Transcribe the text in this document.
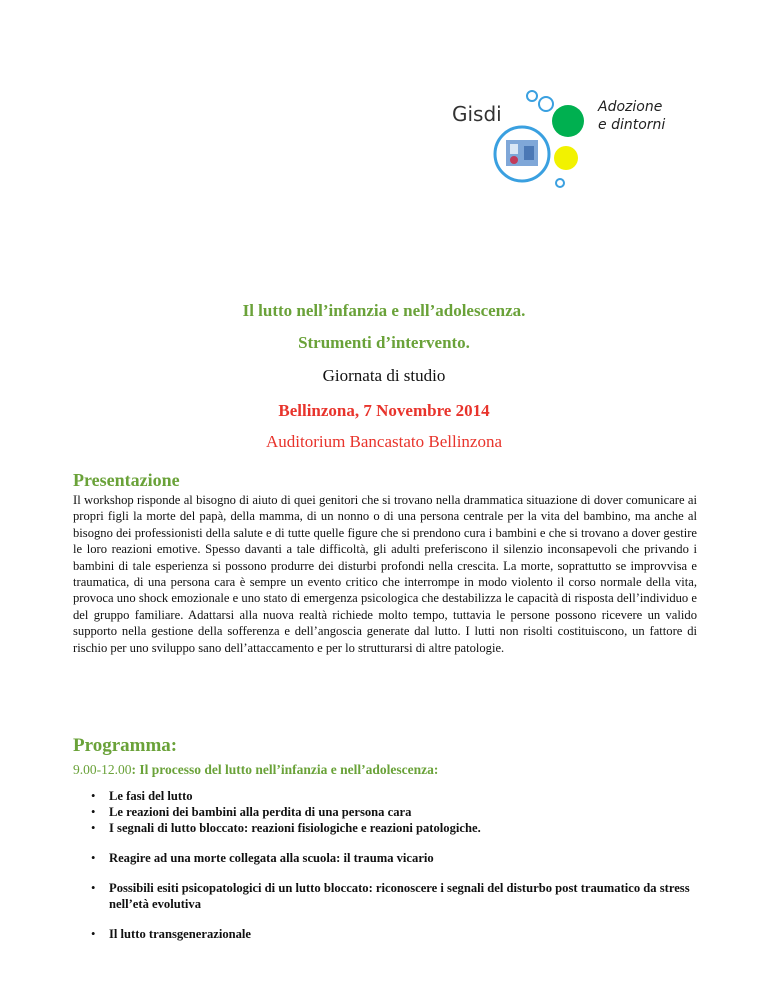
Gisdi	Adozione
e dintorni
Il lutto nell’infanzia e nell’adolescenza.
Strumenti d’intervento.
Giornata di studio
Bellinzona, 7 Novembre 2014
Auditorium Bancastato Bellinzona
Presentazione
Il workshop risponde al bisogno di aiuto di quei genitori che si trovano nella drammatica situazione di dover comunicare ai propri figli la morte del papà, della mamma, di un nonno o di una persona centrale per la vita del bambino, ma anche al bisogno dei professionisti della salute e di tutte quelle figure che si prendono cura i bambini e che si trovano a dover gestire le loro reazioni emotive. Spesso davanti a tale difficoltà, gli adulti preferiscono il silenzio inconsapevoli che privando i bambini di tale esperienza si possono produrre dei disturbi profondi nella crescita. La morte, soprattutto se improvvisa e traumatica, di una persona cara è sempre un evento critico che interrompe in modo violento il corso normale della vita, provoca uno shock emozionale e uno stato di emergenza psicologica che destabilizza le capacità di risposta dell’individuo e del gruppo familiare. Adattarsi alla nuova realtà richiede molto tempo, tuttavia le persone possono ricevere un valido supporto nella gestione della sofferenza e dell’angoscia generate dal lutto. I lutti non risolti costituiscono, un fattore di rischio per uno sviluppo sano dell’attaccamento e per lo strutturarsi di altre patologie.
Programma:
9.00-12.00: Il processo del lutto nell’infanzia e nell’adolescenza:
• Le fasi del lutto
• Le reazioni dei bambini alla perdita di una persona cara
• I segnali di lutto bloccato: reazioni fisiologiche e reazioni patologiche.
• Reagire ad una morte collegata alla scuola: il trauma vicario
• Possibili esiti psicopatologici di un lutto bloccato: riconoscere i segnali del disturbo post traumatico da stress nell’età evolutiva
• Il lutto transgenerazionale
